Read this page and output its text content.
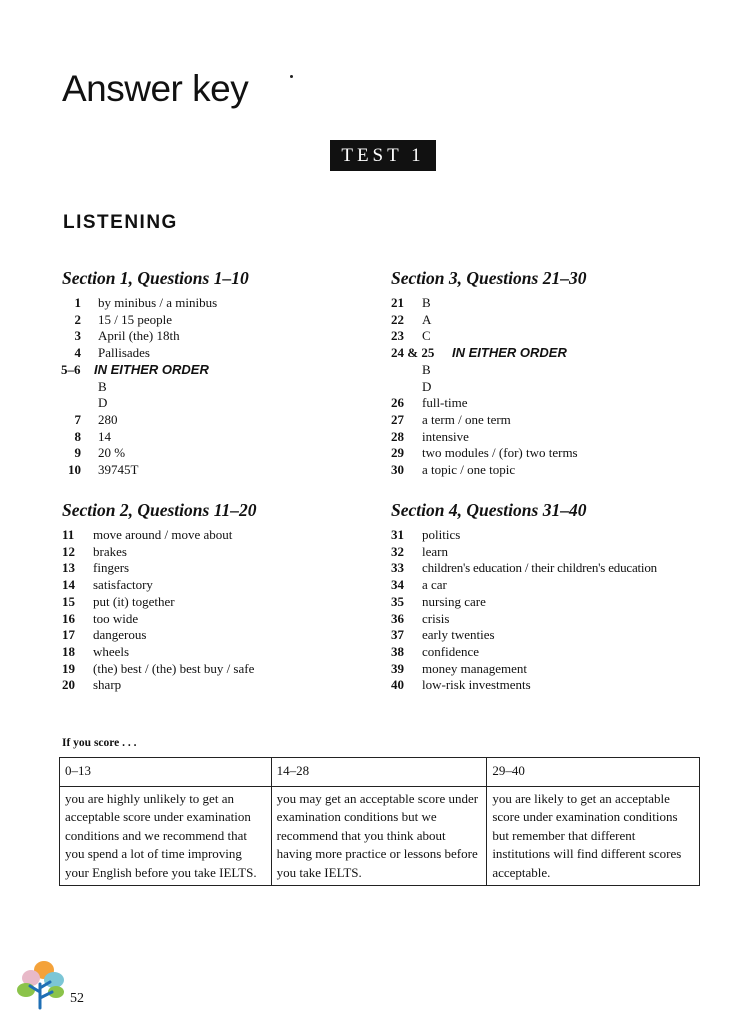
Answer key
TEST 1
LISTENING
Section 1, Questions 1–10
1 by minibus / a minibus
2 15 / 15 people
3 April (the) 18th
4 Pallisades
5–6	IN EITHER ORDER
B
D
7 280
8 14
9 20 %
10 39745T
Section 3, Questions 21–30
21 B
22 A
23 C
24 & 25 IN EITHER ORDER
B
D
26 full-time
27 a term / one term
28 intensive
29 two modules / (for) two terms
30 a topic / one topic
Section 2, Questions 11–20
11 move around / move about
12 brakes
13 fingers
14 satisfactory
15 put (it) together
16 too wide
17 dangerous
18 wheels
19 (the) best / (the) best buy / safe
20 sharp
Section 4, Questions 31–40
31 politics
32 learn
33 children's education / their children's education
34 a car
35 nursing care
36 crisis
37 early twenties
38 confidence
39 money management
40 low-risk investments
If you score . . .
0–13	14–28	29–40
you are highly unlikely to get an acceptable score under examination conditions and we recommend that you spend a lot of time improving your English before you take IELTS.	you may get an acceptable score under examination conditions but we recommend that you think about having more practice or lessons before you take IELTS.	you are likely to get an acceptable score under examination conditions but remember that different institutions will find different scores acceptable.
52
